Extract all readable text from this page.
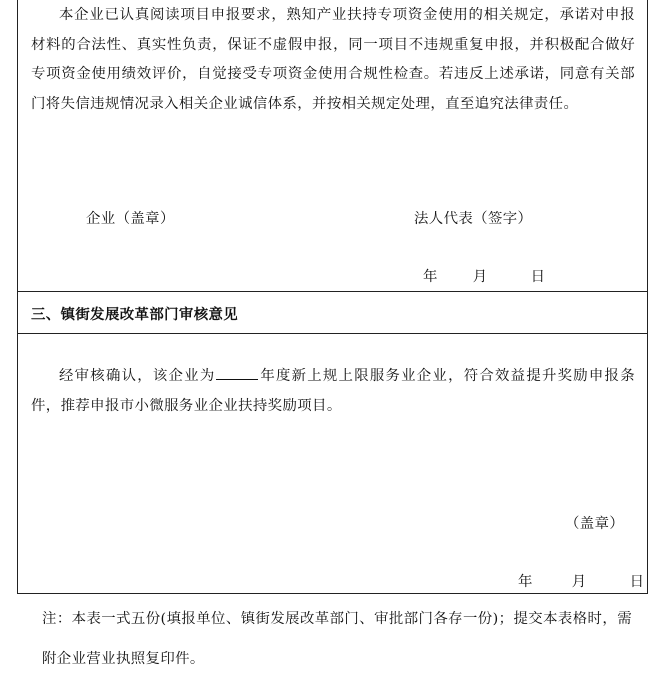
本企业已认真阅读项目申报要求，熟知产业扶持专项资金使用的相关规定，承诺对申报材料的合法性、真实性负责，保证不虚假申报，同一项目不违规重复申报，并积极配合做好专项资金使用绩效评价，自觉接受专项资金使用合规性检查。若违反上述承诺，同意有关部门将失信违规情况录入相关企业诚信体系，并按相关规定处理，直至追究法律责任。

企业（盖章）	法人代表（签字）
年 月	日
三、镇街发展改革部门审核意见

经审核确认，该企业为	年度新上规上限服务业企业，符合效益提升奖励申报条件，推荐申报市小微服务业企业扶持奖励项目。

（盖章）
年	月	日

注：本表一式五份(填报单位、镇街发展改革部门、审批部门各存一份)；提交本表格时，需附企业营业执照复印件。
